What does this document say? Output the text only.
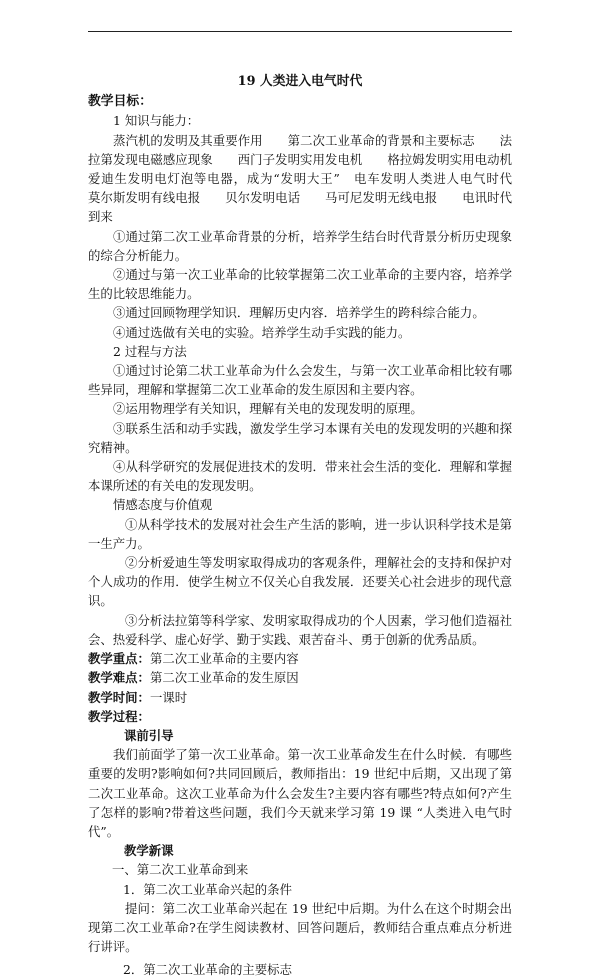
19 人类进入电气时代
教学目标：
1 知识与能力：

蒸汽机的发明及其重要作用　　第二次工业革命的背景和主要标志　　法拉第发现电磁感应现象　　西门子发明实用发电机　　格拉姆发明实用电动机　　爱迪生发明电灯泡等电器，成为“发明大王”　电车发明人类进人电气时代　　莫尔斯发明有线电报　　贝尔发明电话　　马可尼发明无线电报　　电讯时代到来

①通过第二次工业革命背景的分析，培养学生结台时代背景分析历史现象的综合分析能力。

②通过与第一次工业革命的比较掌握第二次工业革命的主要内容，培养学生的比较思维能力。

③通过回顾物理学知识．理解历史内容．培养学生的跨科综合能力。

④通过选做有关电的实验。培养学生动手实践的能力。

2 过程与方法

①通过讨论第二状工业革命为什么会发生，与第一次工业革命相比较有哪些异同，理解和掌握第二次工业革命的发生原因和主要内容。

②运用物理学有关知识，理解有关电的发现发明的原理。

③联系生活和动手实践，激发学生学习本课有关电的发现发明的兴趣和探究精神。

④从科学研究的发展促进技术的发明．带来社会生活的变化．理解和掌握本课所述的有关电的发现发明。

情感态度与价值观

①从科学技术的发展对社会生产生活的影响，进一步认识科学技术是第一生产力。

②分析爱迪生等发明家取得成功的客观条件，理解社会的支持和保护对个人成功的作用．使学生树立不仅关心自我发展．还要关心社会进步的现代意识。

③分析法拉第等科学家、发明家取得成功的个人因素，学习他们造福社会、热爱科学、虚心好学、勤于实践、艰苦奋斗、勇于创新的优秀品质。

教学重点：第二次工业革命的主要内容
教学难点：第二次工业革命的发生原因
教学时间：一课时
教学过程：
课前引导

我们前面学了第一次工业革命。第一次工业革命发生在什么时候．有哪些重要的发明?影响如何?共同回顾后，教师指出：19 世纪中后期，又出现了第二次工业革命。这次工业革命为什么会发生?主要内容有哪些?特点如何?产生了怎样的影响?带着这些问题，我们今天就来学习第 19 课 “人类进入电气时代”。

教学新课
一、第二次工业革命到来
1．第二次工业革命兴起的条件

提问：第二次工业革命兴起在 19 世纪中后期。为什么在这个时期会出现第二次工业革命?在学生阅读教材、回答问题后，教师结合重点难点分析进行讲评。

2．第二次工业革命的主要标志
